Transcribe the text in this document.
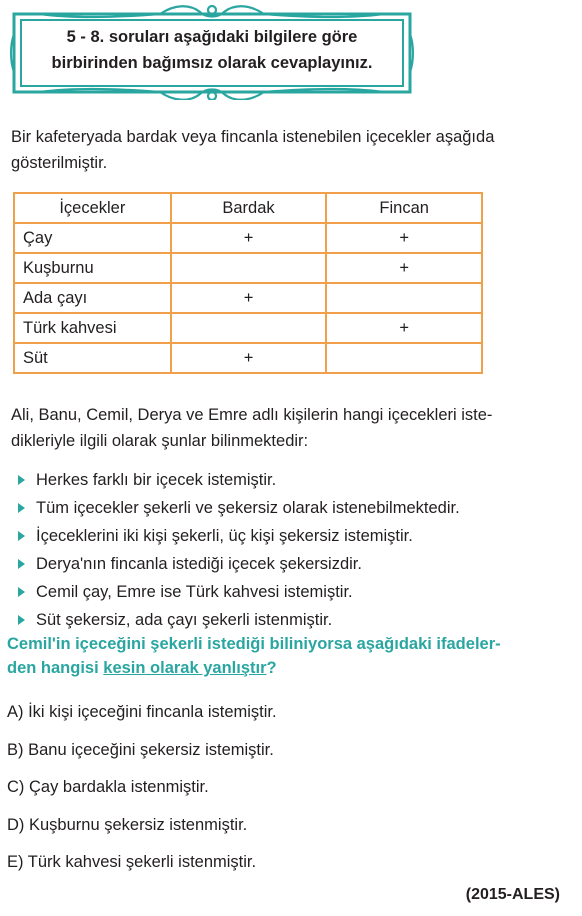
5 - 8. soruları aşağıdaki bilgilere göre
birbirinden bağımsız olarak cevaplayınız.
Bir kafeteryada bardak veya fincanla istenebilen içecekler aşağıda gösterilmiştir.
İçecekler	Bardak	Fincan
Çay	+	+
Kuşburnu		+
Ada çayı	+	
Türk kahvesi		+
Süt	+	
Ali, Banu, Cemil, Derya ve Emre adlı kişilerin hangi içecekleri iste-
dikleriyle ilgili olarak şunlar bilinmektedir:
Herkes farklı bir içecek istemiştir.
Tüm içecekler şekerli ve şekersiz olarak istenebilmektedir.
İçeceklerini iki kişi şekerli, üç kişi şekersiz istemiştir.
Derya'nın fincanla istediği içecek şekersizdir.
Cemil çay, Emre ise Türk kahvesi istemiştir.
Süt şekersiz, ada çayı şekerli istenmiştir.
Cemil'in içeceğini şekerli istediği biliniyorsa aşağıdaki ifadeler-
den hangisi kesin olarak yanlıştır?
A) İki kişi içeceğini fincanla istemiştir.
B) Banu içeceğini şekersiz istemiştir.
C) Çay bardakla istenmiştir.
D) Kuşburnu şekersiz istenmiştir.
E) Türk kahvesi şekerli istenmiştir.
(2015-ALES)
